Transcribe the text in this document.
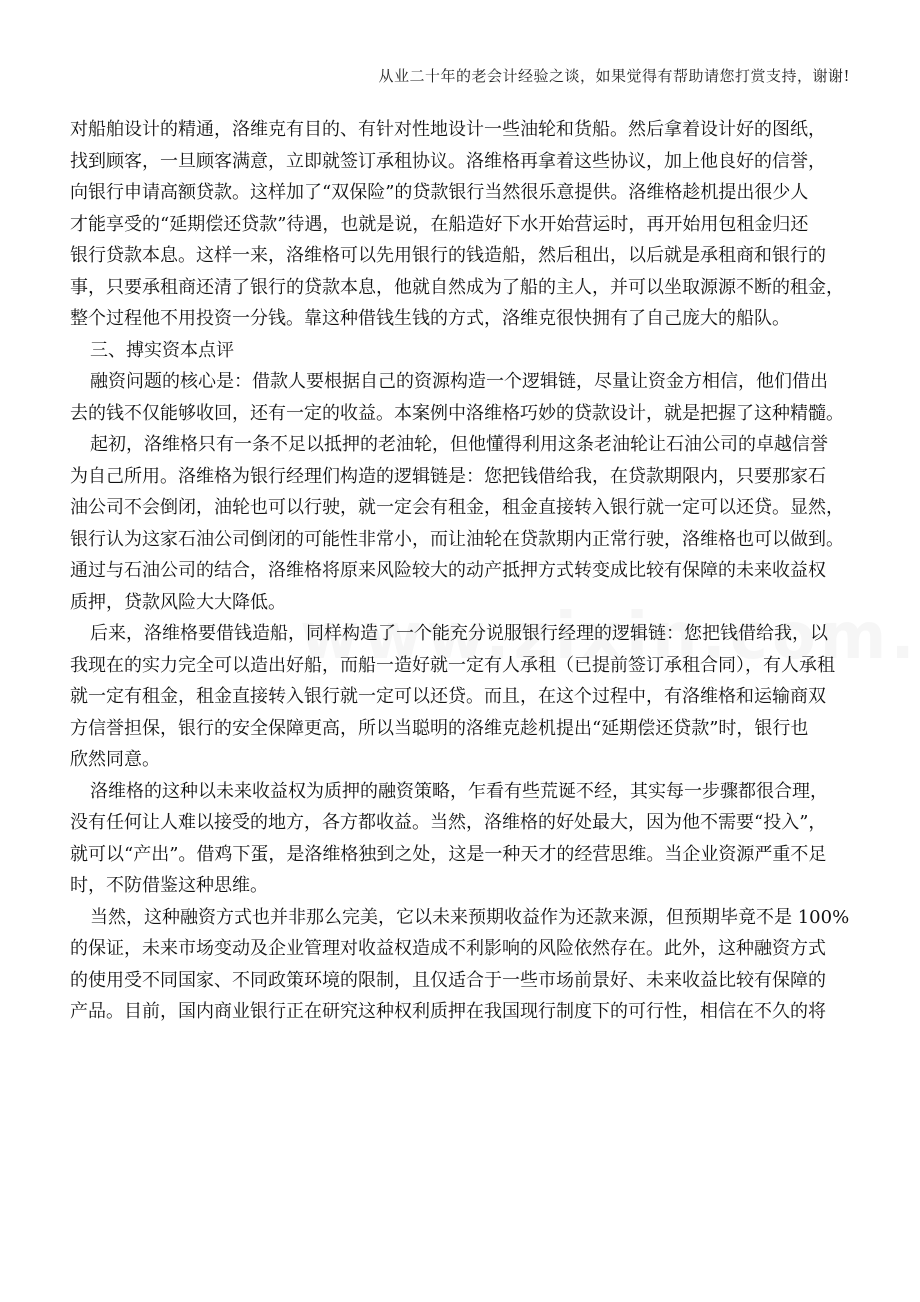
从业二十年的老会计经验之谈，如果觉得有帮助请您打赏支持，谢谢!
对船舶设计的精通，洛维克有目的、有针对性地设计一些油轮和货船。然后拿着设计好的图纸，
找到顾客，一旦顾客满意，立即就签订承租协议。洛维格再拿着这些协议，加上他良好的信誉，
向银行申请高额贷款。这样加了“双保险”的贷款银行当然很乐意提供。洛维格趁机提出很少人
才能享受的“延期偿还贷款”待遇，也就是说，在船造好下水开始营运时，再开始用包租金归还
银行贷款本息。这样一来，洛维格可以先用银行的钱造船，然后租出，以后就是承租商和银行的
事，只要承租商还清了银行的贷款本息，他就自然成为了船的主人，并可以坐取源源不断的租金，
整个过程他不用投资一分钱。靠这种借钱生钱的方式，洛维克很快拥有了自己庞大的船队。
三、搏实资本点评
融资问题的核心是：借款人要根据自己的资源构造一个逻辑链，尽量让资金方相信，他们借出
去的钱不仅能够收回，还有一定的收益。本案例中洛维格巧妙的贷款设计，就是把握了这种精髓。
起初，洛维格只有一条不足以抵押的老油轮，但他懂得利用这条老油轮让石油公司的卓越信誉
为自己所用。洛维格为银行经理们构造的逻辑链是：您把钱借给我，在贷款期限内，只要那家石
油公司不会倒闭，油轮也可以行驶，就一定会有租金，租金直接转入银行就一定可以还贷。显然，
银行认为这家石油公司倒闭的可能性非常小，而让油轮在贷款期内正常行驶，洛维格也可以做到。
通过与石油公司的结合，洛维格将原来风险较大的动产抵押方式转变成比较有保障的未来收益权
质押，贷款风险大大降低。
后来，洛维格要借钱造船，同样构造了一个能充分说服银行经理的逻辑链：您把钱借给我，以
我现在的实力完全可以造出好船，而船一造好就一定有人承租（已提前签订承租合同），有人承租
就一定有租金，租金直接转入银行就一定可以还贷。而且，在这个过程中，有洛维格和运输商双
方信誉担保，银行的安全保障更高，所以当聪明的洛维克趁机提出“延期偿还贷款”时，银行也
欣然同意。
洛维格的这种以未来收益权为质押的融资策略，乍看有些荒诞不经，其实每一步骤都很合理，
没有任何让人难以接受的地方，各方都收益。当然，洛维格的好处最大，因为他不需要“投入”，
就可以“产出”。借鸡下蛋，是洛维格独到之处，这是一种天才的经营思维。当企业资源严重不足
时，不防借鉴这种思维。
当然，这种融资方式也并非那么完美，它以未来预期收益作为还款来源，但预期毕竟不是 100%
的保证，未来市场变动及企业管理对收益权造成不利影响的风险依然存在。此外，这种融资方式
的使用受不同国家、不同政策环境的限制，且仅适合于一些市场前景好、未来收益比较有保障的
产品。目前，国内商业银行正在研究这种权利质押在我国现行制度下的可行性，相信在不久的将
